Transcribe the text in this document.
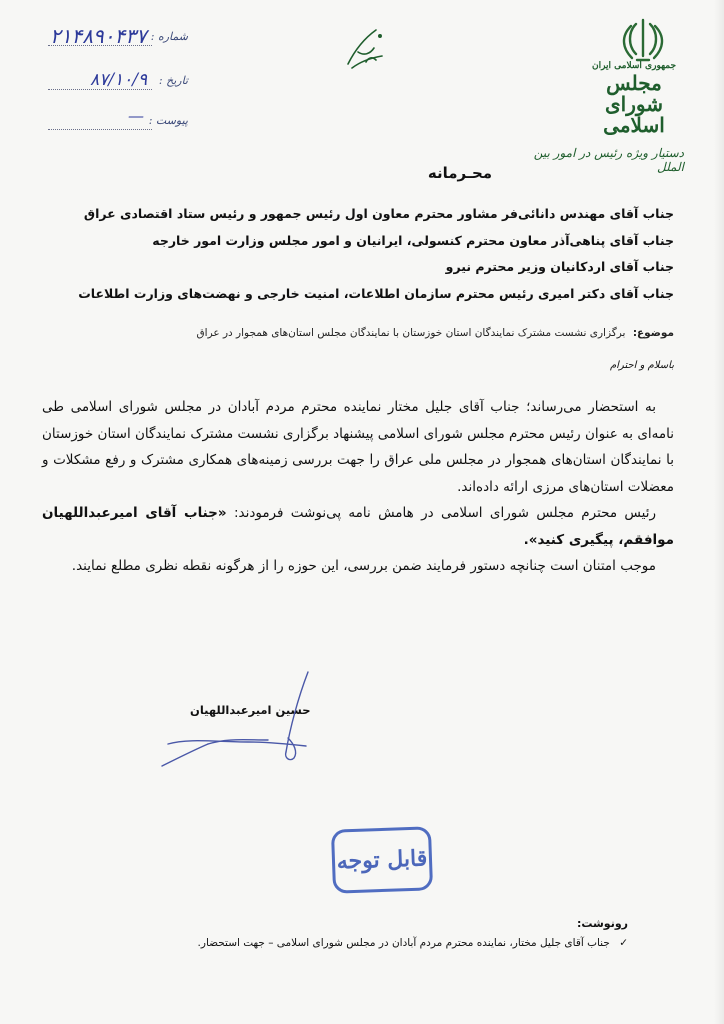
جمهوری اسلامی ایران
مجلس شورای اسلامی
دستیار ویژه رئیس در امور بین الملل
شماره :
۲۱۴۸۹۰۴۳۷
تاریخ :
۸۷/۱۰/۹
پیوست :
—
محـرمانه
جناب آقای مهندس دانائی‌فر مشاور محترم معاون اول رئیس جمهور و رئیس ستاد اقتصادی عراق
جناب آقای پناهی‌آذر معاون محترم کنسولی، ایرانیان و امور مجلس وزارت امور خارجه
جناب آقای اردکانیان وزیر محترم نیرو
جناب آقای دکتر امیری رئیس محترم سازمان اطلاعات، امنیت خارجی و نهضت‌های وزارت اطلاعات
موضوع: برگزاری نشست مشترک نمایندگان استان خوزستان با نمایندگان مجلس استان‌های همجوار در عراق
باسلام و احترام

به استحضار می‌رساند؛ جناب آقای جلیل مختار نماینده محترم مردم آبادان در مجلس شورای اسلامی طی نامه‌ای به عنوان رئیس محترم مجلس شورای اسلامی پیشنهاد برگزاری نشست مشترک نمایندگان استان خوزستان با نمایندگان استان‌های همجوار در مجلس ملی عراق را جهت بررسی زمینه‌های همکاری مشترک و رفع مشکلات و معضلات استان‌های مرزی ارائه داده‌اند.

رئیس محترم مجلس شورای اسلامی در هامش نامه پی‌نوشت فرمودند: «جناب آقای امیرعبداللهیان موافقم، پیگیری کنید».

موجب امتنان است چنانچه دستور فرمایند ضمن بررسی، این حوزه را از هرگونه نقطه نظری مطلع نمایند.

حسین امیرعبداللهیان
قابل توجه
رونوشت:
✓ جناب آقای جلیل مختار، نماینده محترم مردم آبادان در مجلس شورای اسلامی – جهت استحضار.
